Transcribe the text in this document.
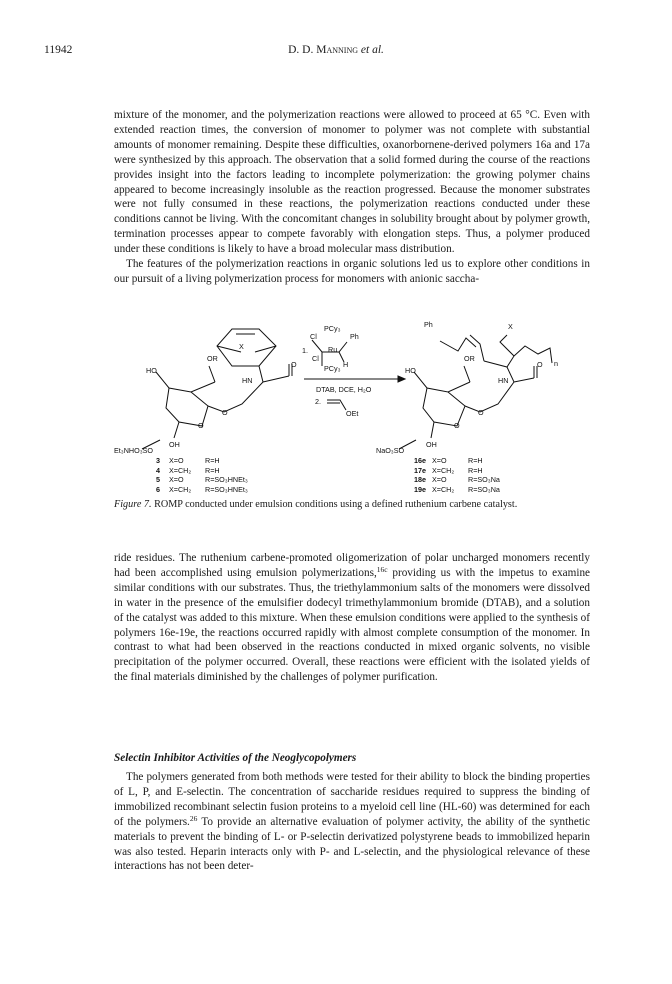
11942	D. D. Manning et al.

mixture of the monomer, and the polymerization reactions were allowed to proceed at 65 °C. Even with extended reaction times, the conversion of monomer to polymer was not complete with substantial amounts of monomer remaining. Despite these difficulties, oxanorbornene-derived polymers 16a and 17a were synthesized by this approach. The observation that a solid formed during the course of the reactions provides insight into the factors leading to incomplete polymerization: the growing polymer chains appeared to become increasingly insoluble as the reaction progressed. Because the monomer substrates were not fully consumed in these reactions, the polymerization reactions conducted under these conditions cannot be living. With the concomitant changes in solubility brought about by polymer growth, termination processes appear to compete favorably with elongation steps. Thus, a polymer produced under these conditions is likely to have a broad molecular mass distribution.

The features of the polymerization reactions in organic solutions led us to explore other conditions in our pursuit of a living polymerization process for monomers with anionic saccha-

X
O
HO
OR
HN
O
O
OH
Et₃NHO₃SO
1.
PCy₃
Ph
Cl
Ru
Cl
PCy₃ H
DTAB, DCE, H₂O
2.
OEt
Ph	X
n
O
HO
OR
HN
O
O
OH
NaO₃SO
3 X=O	R=H
4 X=CH₂ R=H
5 X=O	R=SO₃HNEt₃
6 X=CH₂ R=SO₃HNEt₃
16e X=O	R=H
17e X=CH₂ R=H
18e X=O	R=SO₃Na
19e X=CH₂ R=SO₃Na
Figure 7. ROMP conducted under emulsion conditions using a defined ruthenium carbene catalyst.

ride residues. The ruthenium carbene-promoted oligomerization of polar uncharged monomers recently had been accomplished using emulsion polymerizations,$^{16c}$ providing us with the impetus to examine similar conditions with our substrates. Thus, the triethylammonium salts of the monomers were dissolved in water in the presence of the emulsifier dodecyl trimethylammonium bromide (DTAB), and a solution of the catalyst was added to this mixture. When these emulsion conditions were applied to the synthesis of polymers 16e-19e, the reactions occurred rapidly with almost complete consumption of the monomer. In contrast to what had been observed in the reactions conducted in mixed organic solvents, no visible precipitation of the polymer occurred. Overall, these reactions were efficient with the isolated yields of the final materials diminished by the challenges of polymer purification.

Selectin Inhibitor Activities of the Neoglycopolymers

The polymers generated from both methods were tested for their ability to block the binding properties of L, P, and E-selectin. The concentration of saccharide residues required to suppress the binding of immobilized recombinant selectin fusion proteins to a myeloid cell line (HL-60) was determined for each of the polymers.$^{26}$ To provide an alternative evaluation of polymer activity, the ability of the synthetic materials to prevent the binding of L- or P-selectin derivatized polystyrene beads to immobilized heparin was also tested. Heparin interacts only with P- and L-selectin, and the physiological relevance of these interactions has not been deter-
